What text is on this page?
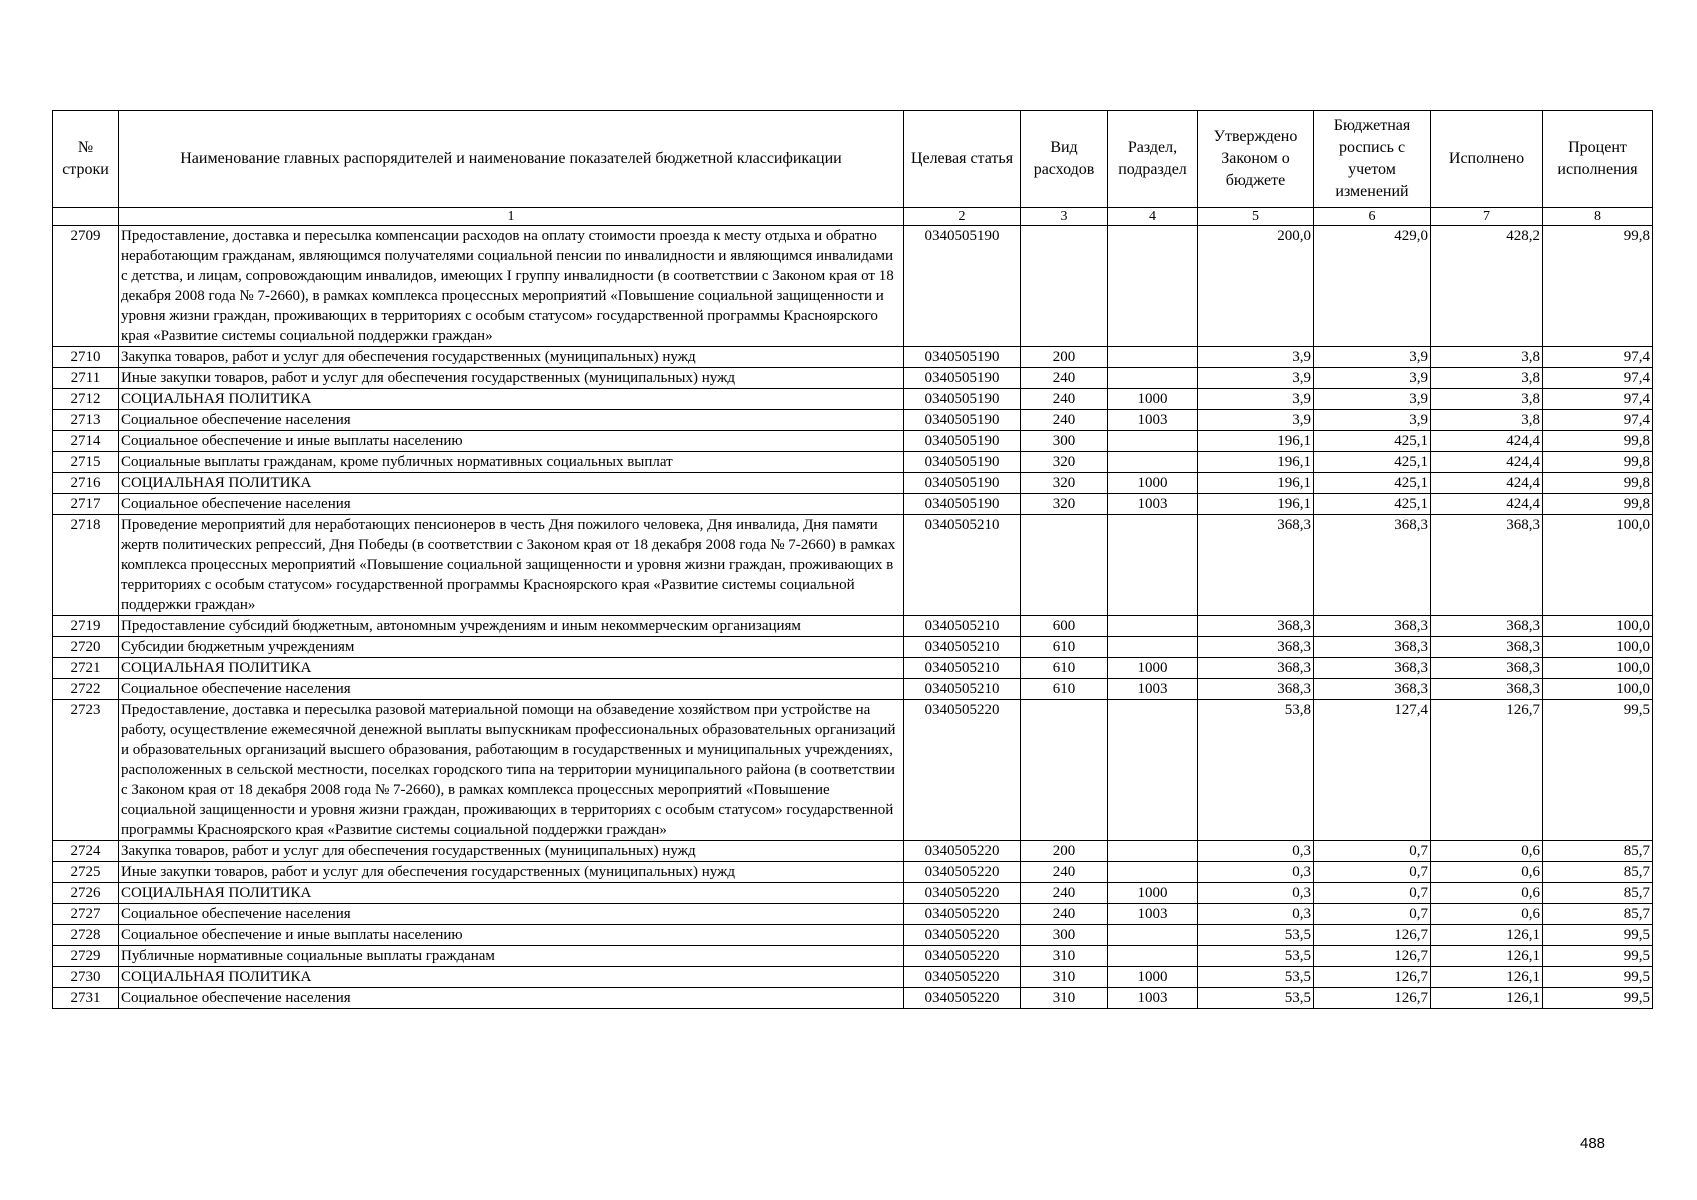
№ строки	Наименование главных распорядителей и наименование показателей бюджетной классификации	Целевая статья	Вид расходов	Раздел, подраздел	Утверждено Законом о бюджете	Бюджетная роспись с учетом изменений	Исполнено	Процент исполнения
	1	2	3	4	5	6	7	8
2709	Предоставление, доставка и пересылка компенсации расходов на оплату стоимости проезда к месту отдыха и обратно неработающим гражданам, являющимся получателями социальной пенсии по инвалидности и являющимся инвалидами с детства, и лицам, сопровождающим инвалидов, имеющих I группу инвалидности (в соответствии с Законом края от 18 декабря 2008 года № 7-2660), в рамках комплекса процессных мероприятий «Повышение социальной защищенности и уровня жизни граждан, проживающих в территориях с особым статусом» государственной программы Красноярского края «Развитие системы социальной поддержки граждан»	0340505190			200,0	429,0	428,2	99,8
2710	Закупка товаров, работ и услуг для обеспечения государственных (муниципальных) нужд	0340505190	200		3,9	3,9	3,8	97,4
2711	Иные закупки товаров, работ и услуг для обеспечения государственных (муниципальных) нужд	0340505190	240		3,9	3,9	3,8	97,4
2712	СОЦИАЛЬНАЯ ПОЛИТИКА	0340505190	240	1000	3,9	3,9	3,8	97,4
2713	Социальное обеспечение населения	0340505190	240	1003	3,9	3,9	3,8	97,4
2714	Социальное обеспечение и иные выплаты населению	0340505190	300		196,1	425,1	424,4	99,8
2715	Социальные выплаты гражданам, кроме публичных нормативных социальных выплат	0340505190	320		196,1	425,1	424,4	99,8
2716	СОЦИАЛЬНАЯ ПОЛИТИКА	0340505190	320	1000	196,1	425,1	424,4	99,8
2717	Социальное обеспечение населения	0340505190	320	1003	196,1	425,1	424,4	99,8
2718	Проведение мероприятий для неработающих пенсионеров в честь Дня пожилого человека, Дня инвалида, Дня памяти жертв политических репрессий, Дня Победы (в соответствии с Законом края от 18 декабря 2008 года № 7-2660) в рамках комплекса процессных мероприятий «Повышение социальной защищенности и уровня жизни граждан, проживающих в территориях с особым статусом» государственной программы Красноярского края «Развитие системы социальной поддержки граждан»	0340505210			368,3	368,3	368,3	100,0
2719	Предоставление субсидий бюджетным, автономным учреждениям и иным некоммерческим организациям	0340505210	600		368,3	368,3	368,3	100,0
2720	Субсидии бюджетным учреждениям	0340505210	610		368,3	368,3	368,3	100,0
2721	СОЦИАЛЬНАЯ ПОЛИТИКА	0340505210	610	1000	368,3	368,3	368,3	100,0
2722	Социальное обеспечение населения	0340505210	610	1003	368,3	368,3	368,3	100,0
2723	Предоставление, доставка и пересылка разовой материальной помощи на обзаведение хозяйством при устройстве на работу, осуществление ежемесячной денежной выплаты выпускникам профессиональных образовательных организаций и образовательных организаций высшего образования, работающим в государственных и муниципальных учреждениях, расположенных в сельской местности, поселках городского типа на территории муниципального района (в соответствии с Законом края от 18 декабря 2008 года № 7-2660), в рамках комплекса процессных мероприятий «Повышение социальной защищенности и уровня жизни граждан, проживающих в территориях с особым статусом» государственной программы Красноярского края «Развитие системы социальной поддержки граждан»	0340505220			53,8	127,4	126,7	99,5
2724	Закупка товаров, работ и услуг для обеспечения государственных (муниципальных) нужд	0340505220	200		0,3	0,7	0,6	85,7
2725	Иные закупки товаров, работ и услуг для обеспечения государственных (муниципальных) нужд	0340505220	240		0,3	0,7	0,6	85,7
2726	СОЦИАЛЬНАЯ ПОЛИТИКА	0340505220	240	1000	0,3	0,7	0,6	85,7
2727	Социальное обеспечение населения	0340505220	240	1003	0,3	0,7	0,6	85,7
2728	Социальное обеспечение и иные выплаты населению	0340505220	300		53,5	126,7	126,1	99,5
2729	Публичные нормативные социальные выплаты гражданам	0340505220	310		53,5	126,7	126,1	99,5
2730	СОЦИАЛЬНАЯ ПОЛИТИКА	0340505220	310	1000	53,5	126,7	126,1	99,5
2731	Социальное обеспечение населения	0340505220	310	1003	53,5	126,7	126,1	99,5
488
